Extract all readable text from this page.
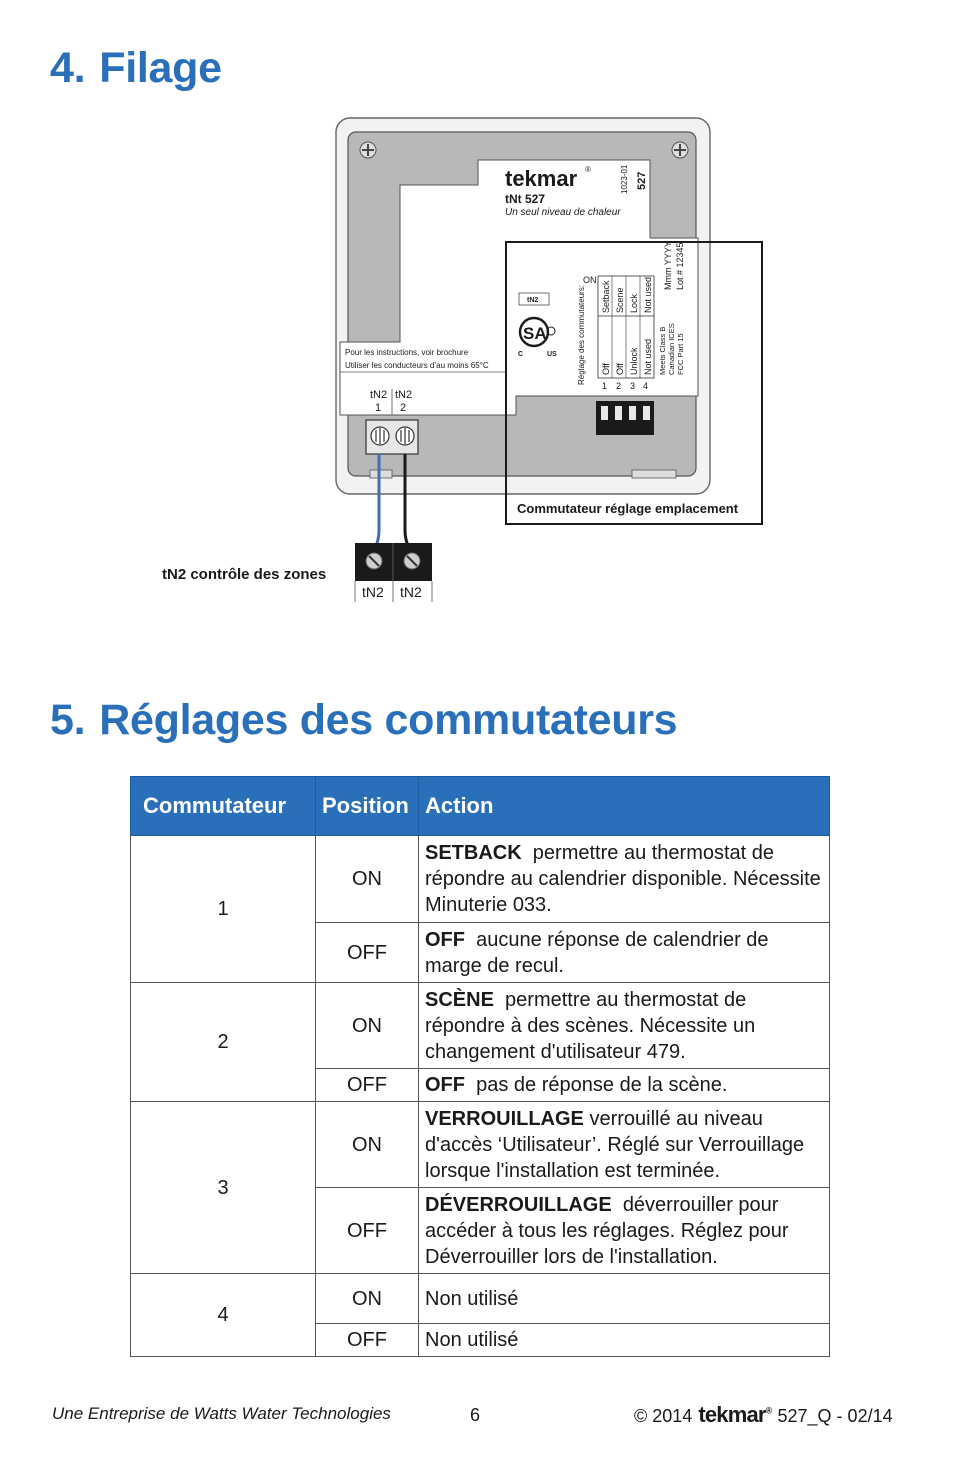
4. Filage
tekmar ®
tNt 527
Un seul niveau de chaleur
1023-01 527
Pour les instructions, voir brochure
Utiliser les conducteurs d’au moins 65°C
tN2 tN2
1 2
Commutateur réglage emplacement
ON
Setback Scene Lock Not used
Off Off Unlock Not used
1 2 3 4
Réglage des commutateurs:
Mmm YYYY Lot # 12345
Meets Class B Canadian ICES FCC Part 15
tN2
SA
C	US
tN2 contrôle des zones
tN2 tN2
5. Réglages des commutateurs
Commutateur	Position	Action
1	ON	SETBACK permettre au thermostat de répondre au calendrier disponible. Nécessite Minuterie 033.
	OFF	OFF aucune réponse de calendrier de marge de recul.
2	ON	SCÈNE permettre au thermostat de répondre à des scènes. Nécessite un changement d'utilisateur 479.
	OFF	OFF pas de réponse de la scène.
3	ON	VERROUILLAGE verrouillé au niveau d'accès ‘Utilisateur’. Réglé sur Verrouillage lorsque l'installation est terminée.
	OFF	DÉVERROUILLAGE déverrouiller pour accéder à tous les réglages. Réglez pour Déverrouiller lors de l'installation.
4	ON	Non utilisé
	OFF	Non utilisé
Une Entreprise de Watts Water Technologies	6	© 2014 tekmar® 527_Q - 02/14
